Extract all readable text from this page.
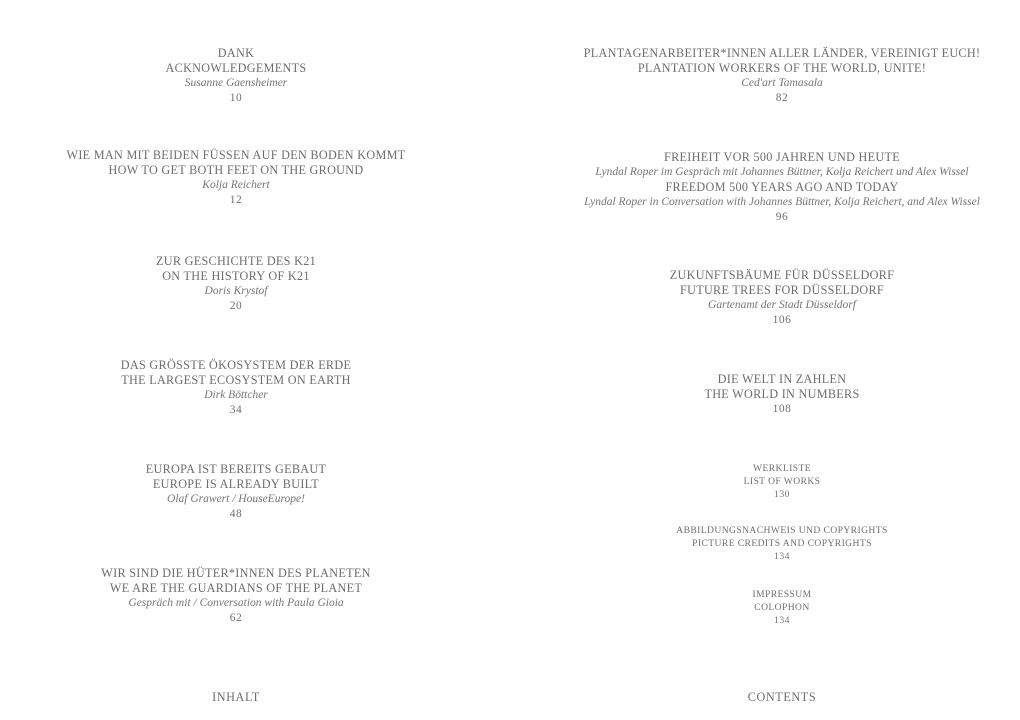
DANK
ACKNOWLEDGEMENTS
Susanne Gaensheimer
10
WIE MAN MIT BEIDEN FÜSSEN AUF DEN BODEN KOMMT
HOW TO GET BOTH FEET ON THE GROUND
Kolja Reichert
12
ZUR GESCHICHTE DES K21
ON THE HISTORY OF K21
Doris Krystof
20
DAS GRÖSSTE ÖKOSYSTEM DER ERDE
THE LARGEST ECOSYSTEM ON EARTH
Dirk Böttcher
34
EUROPA IST BEREITS GEBAUT
EUROPE IS ALREADY BUILT
Olaf Grawert / HouseEurope!
48
WIR SIND DIE HÜTER*INNEN DES PLANETEN
WE ARE THE GUARDIANS OF THE PLANET
Gespräch mit / Conversation with Paula Gioia
62
INHALT
PLANTAGENARBEITER*INNEN ALLER LÄNDER, VEREINIGT EUCH!
PLANTATION WORKERS OF THE WORLD, UNITE!
Ced'art Tamasala
82
FREIHEIT VOR 500 JAHREN UND HEUTE
Lyndal Roper im Gespräch mit Johannes Büttner, Kolja Reichert und Alex Wissel
FREEDOM 500 YEARS AGO AND TODAY
Lyndal Roper in Conversation with Johannes Büttner, Kolja Reichert, and Alex Wissel
96
ZUKUNFTSBÄUME FÜR DÜSSELDORF
FUTURE TREES FOR DÜSSELDORF
Gartenamt der Stadt Düsseldorf
106
DIE WELT IN ZAHLEN
THE WORLD IN NUMBERS
108
WERKLISTE
LIST OF WORKS
130
ABBILDUNGSNACHWEIS UND COPYRIGHTS
PICTURE CREDITS AND COPYRIGHTS
134
IMPRESSUM
COLOPHON
134
CONTENTS
